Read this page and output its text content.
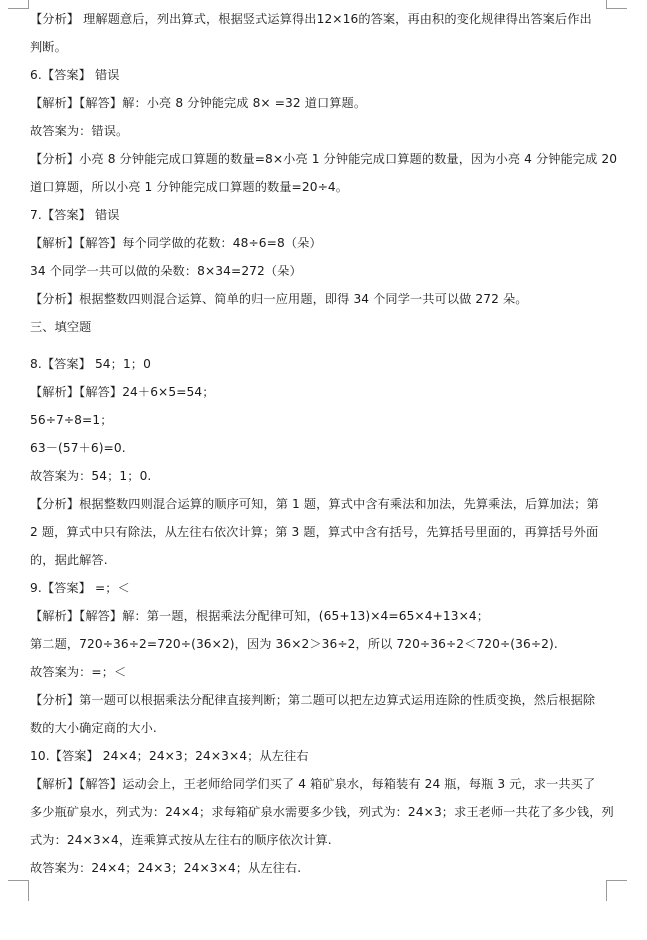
【分析】 理解题意后，列出算式，根据竖式运算得出12×16的答案，再由积的变化规律得出答案后作出
判断。
6.【答案】 错误
【解析】【解答】解：小亮 8 分钟能完成 8× =32 道口算题。
故答案为：错误。
【分析】小亮 8 分钟能完成口算题的数量=8×小亮 1 分钟能完成口算题的数量，因为小亮 4 分钟能完成 20
道口算题，所以小亮 1 分钟能完成口算题的数量=20÷4。
7.【答案】 错误
【解析】【解答】每个同学做的花数：48÷6=8（朵）
34 个同学一共可以做的朵数：8×34=272（朵）
【分析】根据整数四则混合运算、简单的归一应用题，即得 34 个同学一共可以做 272 朵。
三、填空题
8.【答案】 54；1；0
【解析】【解答】24＋6×5=54；
56÷7÷8=1；
63－(57＋6)=0.
故答案为：54；1；0.
【分析】根据整数四则混合运算的顺序可知，第 1 题，算式中含有乘法和加法，先算乘法，后算加法；第
2 题，算式中只有除法，从左往右依次计算；第 3 题，算式中含有括号，先算括号里面的，再算括号外面
的，据此解答.
9.【答案】 =；＜
【解析】【解答】解：第一题，根据乘法分配律可知，(65+13)×4=65×4+13×4；
第二题，720÷36÷2=720÷(36×2)，因为 36×2＞36÷2，所以 720÷36÷2＜720÷(36÷2).
故答案为：=；＜
【分析】第一题可以根据乘法分配律直接判断；第二题可以把左边算式运用连除的性质变换，然后根据除
数的大小确定商的大小.
10.【答案】 24×4；24×3；24×3×4；从左往右
【解析】【解答】运动会上，王老师给同学们买了 4 箱矿泉水，每箱装有 24 瓶，每瓶 3 元，求一共买了
多少瓶矿泉水，列式为：24×4；求每箱矿泉水需要多少钱，列式为：24×3；求王老师一共花了多少钱，列
式为：24×3×4，连乘算式按从左往右的顺序依次计算.
故答案为：24×4；24×3；24×3×4；从左往右.
